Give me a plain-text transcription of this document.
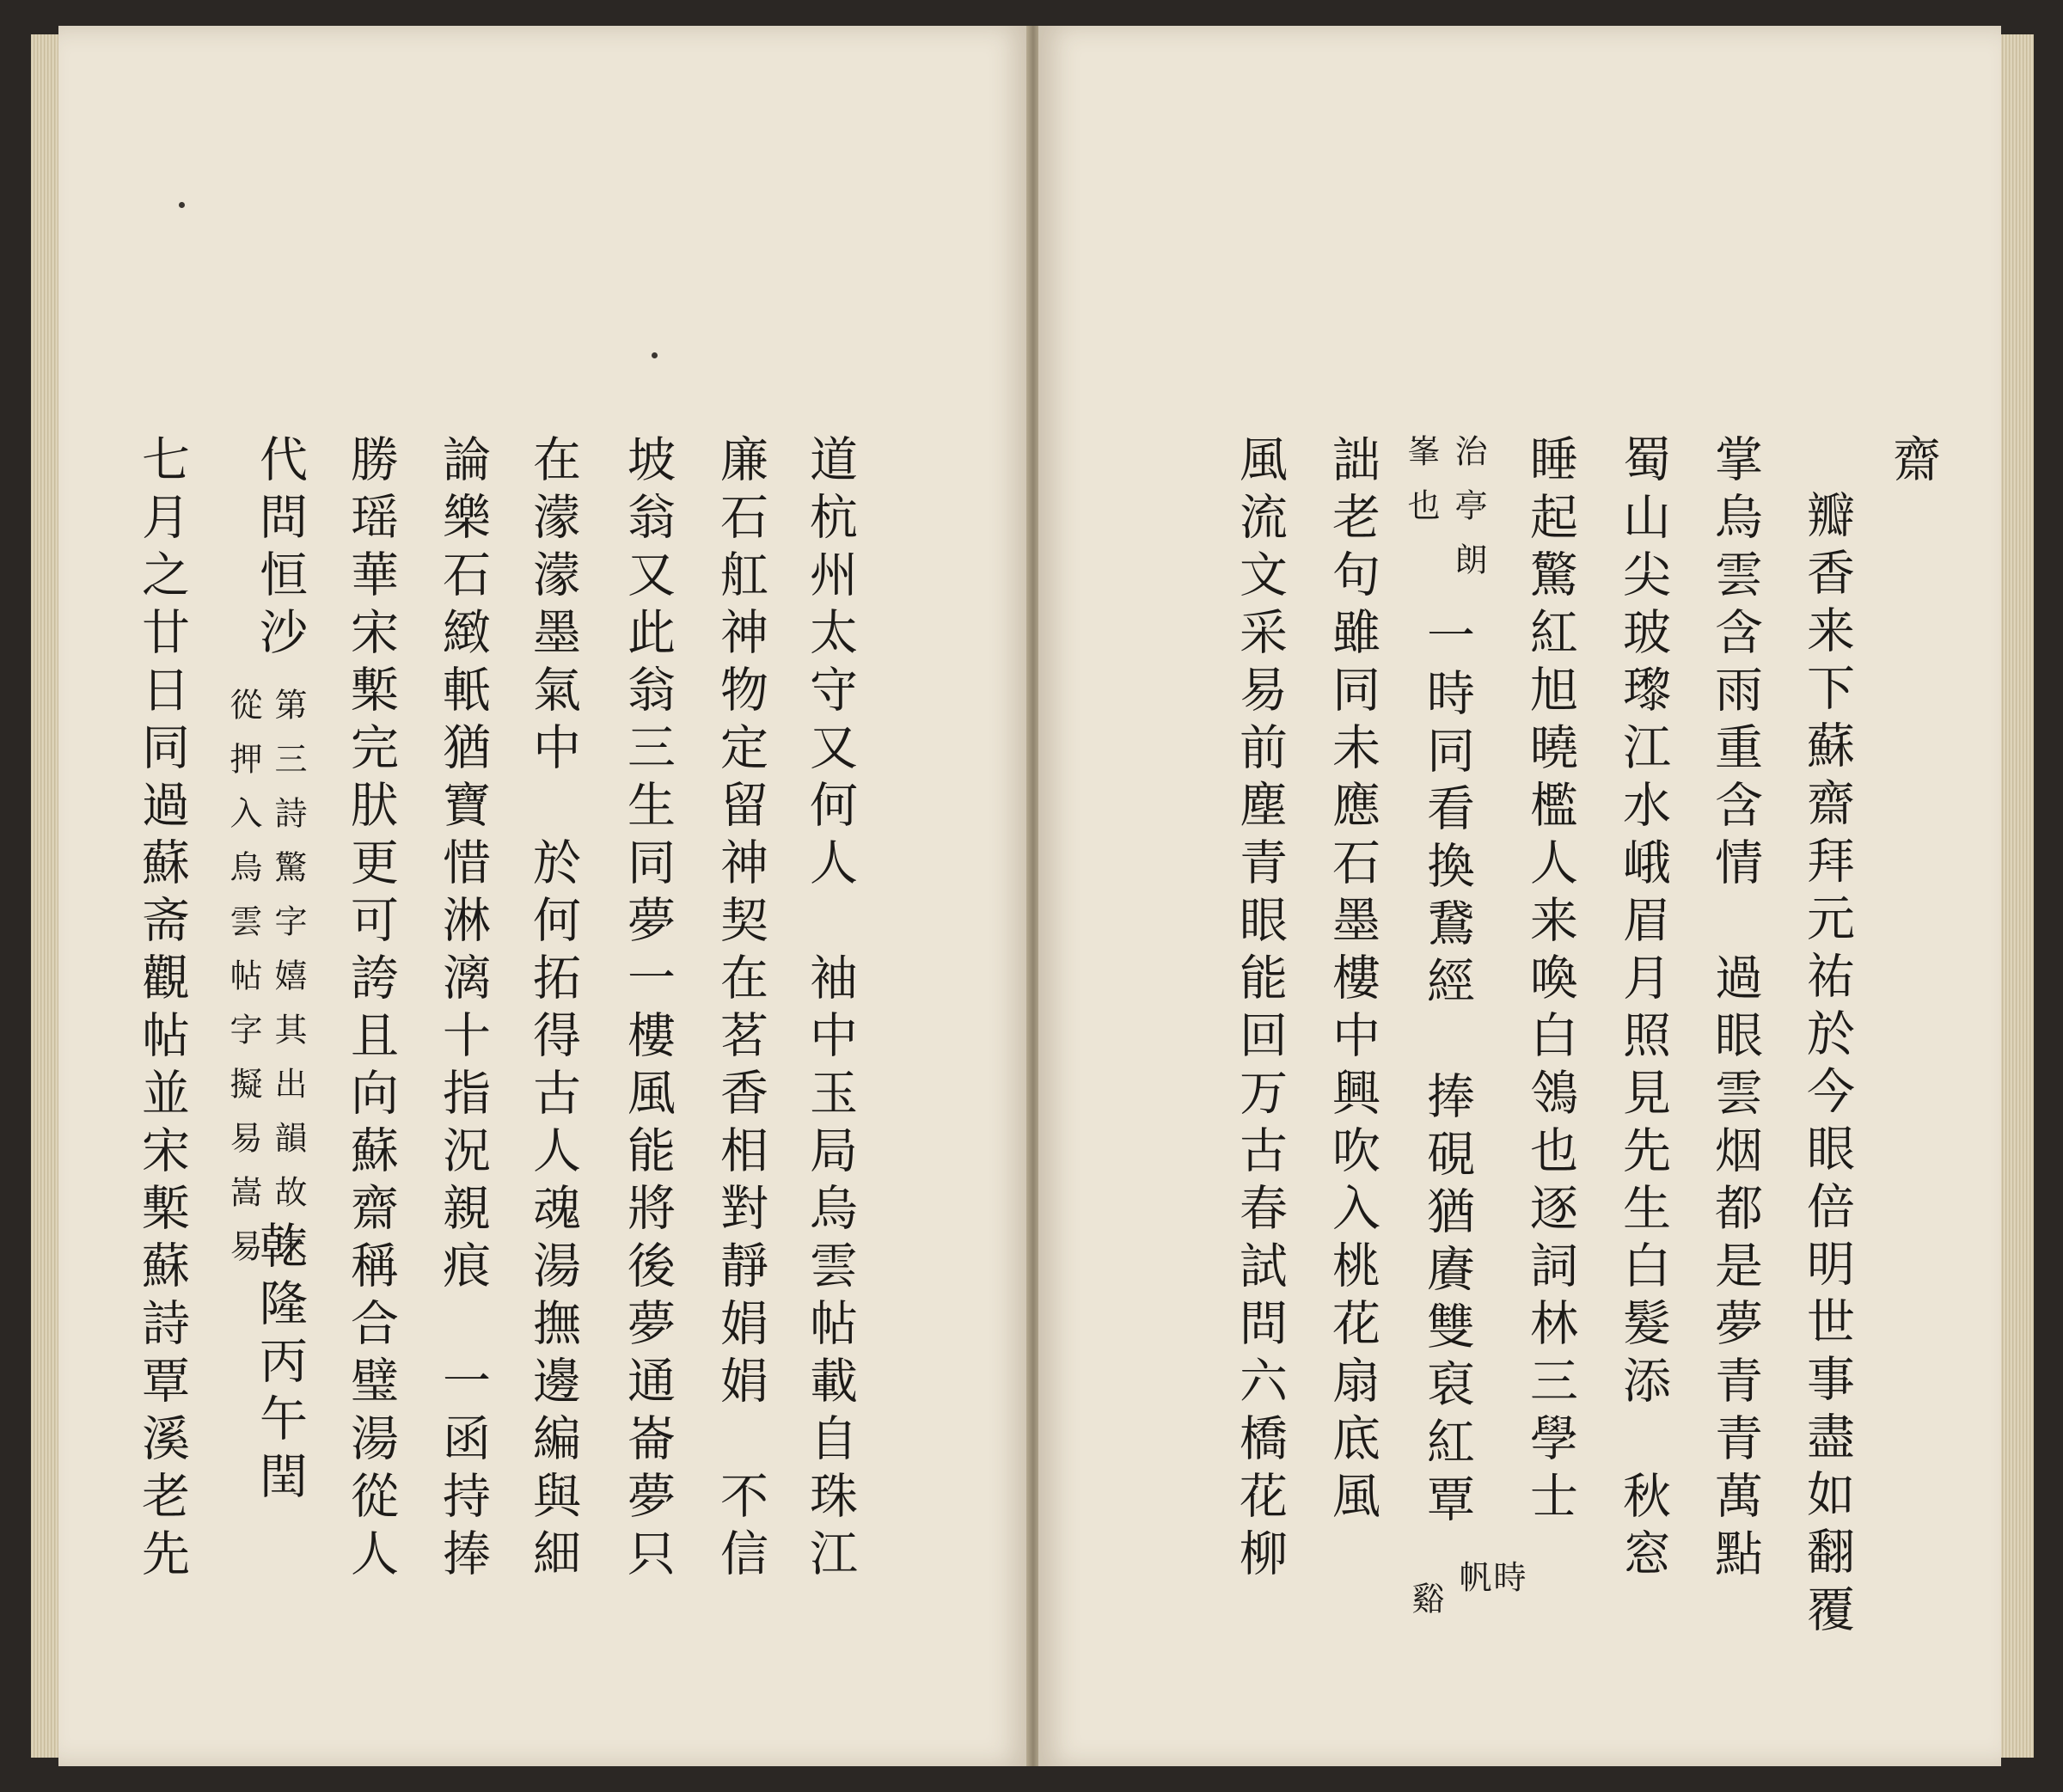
道杭州太守又何人　袖中玉局烏雲帖載自珠江
廉石舡神物定留神契在茗香相對靜娟娟　不信
坡翁又此翁三生同夢一樓風能將後夢通崙夢只
在濛濛墨氣中　於何拓得古人魂湯撫邊編與細
論樂石緻軝猶寶惜淋漓十指況親痕　一函持捧
勝瑶華宋槧完肰更可誇且向蘇齋稱合璧湯從人
代問恒沙
第三詩驚字嬉其出韻故末
從押入烏雲帖字擬易嵩易
乾隆丙午閏
七月之廿日同過蘇斋觀帖並宋槧蘇詩覃溪老先	齋
瓣香来下蘇齋拜元祐於今眼倍明世事盡如翻覆
掌烏雲含雨重含情　過眼雲烟都是夢青青萬點
蜀山尖玻瓈江水峨眉月照見先生白髮添　秋窓
睡起驚紅旭曉檻人来喚白鴒也逐詞林三學士
時
帆
治亭朗
峯也
一時同看換鵞經　捧硯猶賡雙裒紅覃
谿
詘老句雖同未應石墨樓中興吹入桃花扇底風
風流文采易前塵青眼能回万古春試問六橋花柳
